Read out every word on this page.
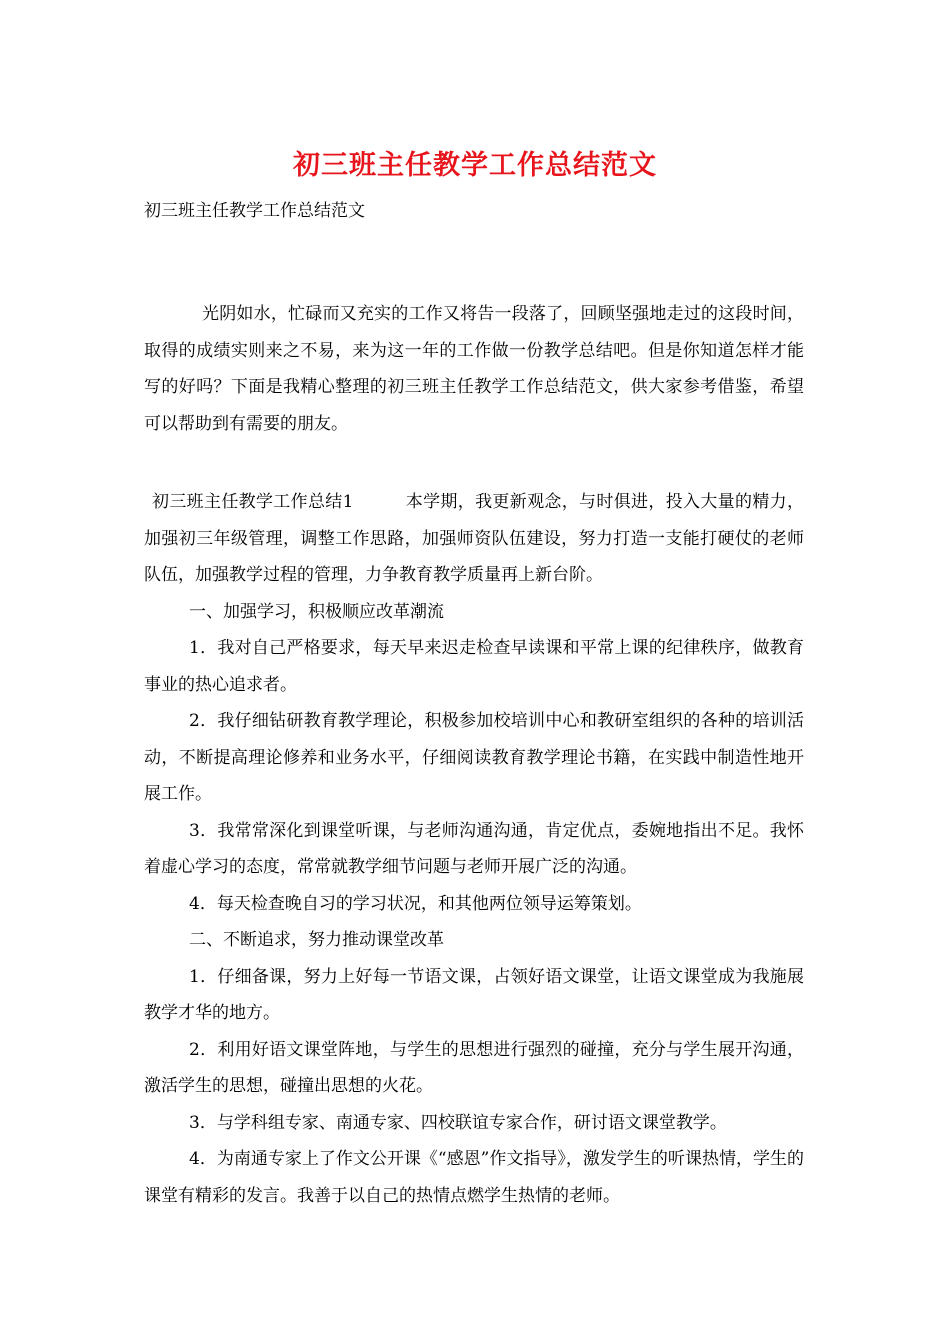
初三班主任教学工作总结范文
初三班主任教学工作总结范文

光阴如水，忙碌而又充实的工作又将告一段落了，回顾坚强地走过的这段时间，取得的成绩实则来之不易，来为这一年的工作做一份教学总结吧。但是你知道怎样才能写的好吗？下面是我精心整理的初三班主任教学工作总结范文，供大家参考借鉴，希望可以帮助到有需要的朋友。

初三班主任教学工作总结1	本学期，我更新观念，与时俱进，投入大量的精力，加强初三年级管理，调整工作思路，加强师资队伍建设，努力打造一支能打硬仗的老师队伍，加强教学过程的管理，力争教育教学质量再上新台阶。

一、加强学习，积极顺应改革潮流

1．我对自己严格要求，每天早来迟走检查早读课和平常上课的纪律秩序，做教育事业的热心追求者。

2．我仔细钻研教育教学理论，积极参加校培训中心和教研室组织的各种的培训活动，不断提高理论修养和业务水平，仔细阅读教育教学理论书籍，在实践中制造性地开展工作。

3．我常常深化到课堂听课，与老师沟通沟通，肯定优点，委婉地指出不足。我怀着虚心学习的态度，常常就教学细节问题与老师开展广泛的沟通。

4．每天检查晚自习的学习状况，和其他两位领导运筹策划。

二、不断追求，努力推动课堂改革

1．仔细备课，努力上好每一节语文课，占领好语文课堂，让语文课堂成为我施展教学才华的地方。

2．利用好语文课堂阵地，与学生的思想进行强烈的碰撞，充分与学生展开沟通，激活学生的思想，碰撞出思想的火花。

3．与学科组专家、南通专家、四校联谊专家合作，研讨语文课堂教学。

4．为南通专家上了作文公开课《“感恩”作文指导》，激发学生的听课热情，学生的课堂有精彩的发言。我善于以自己的热情点燃学生热情的老师。
